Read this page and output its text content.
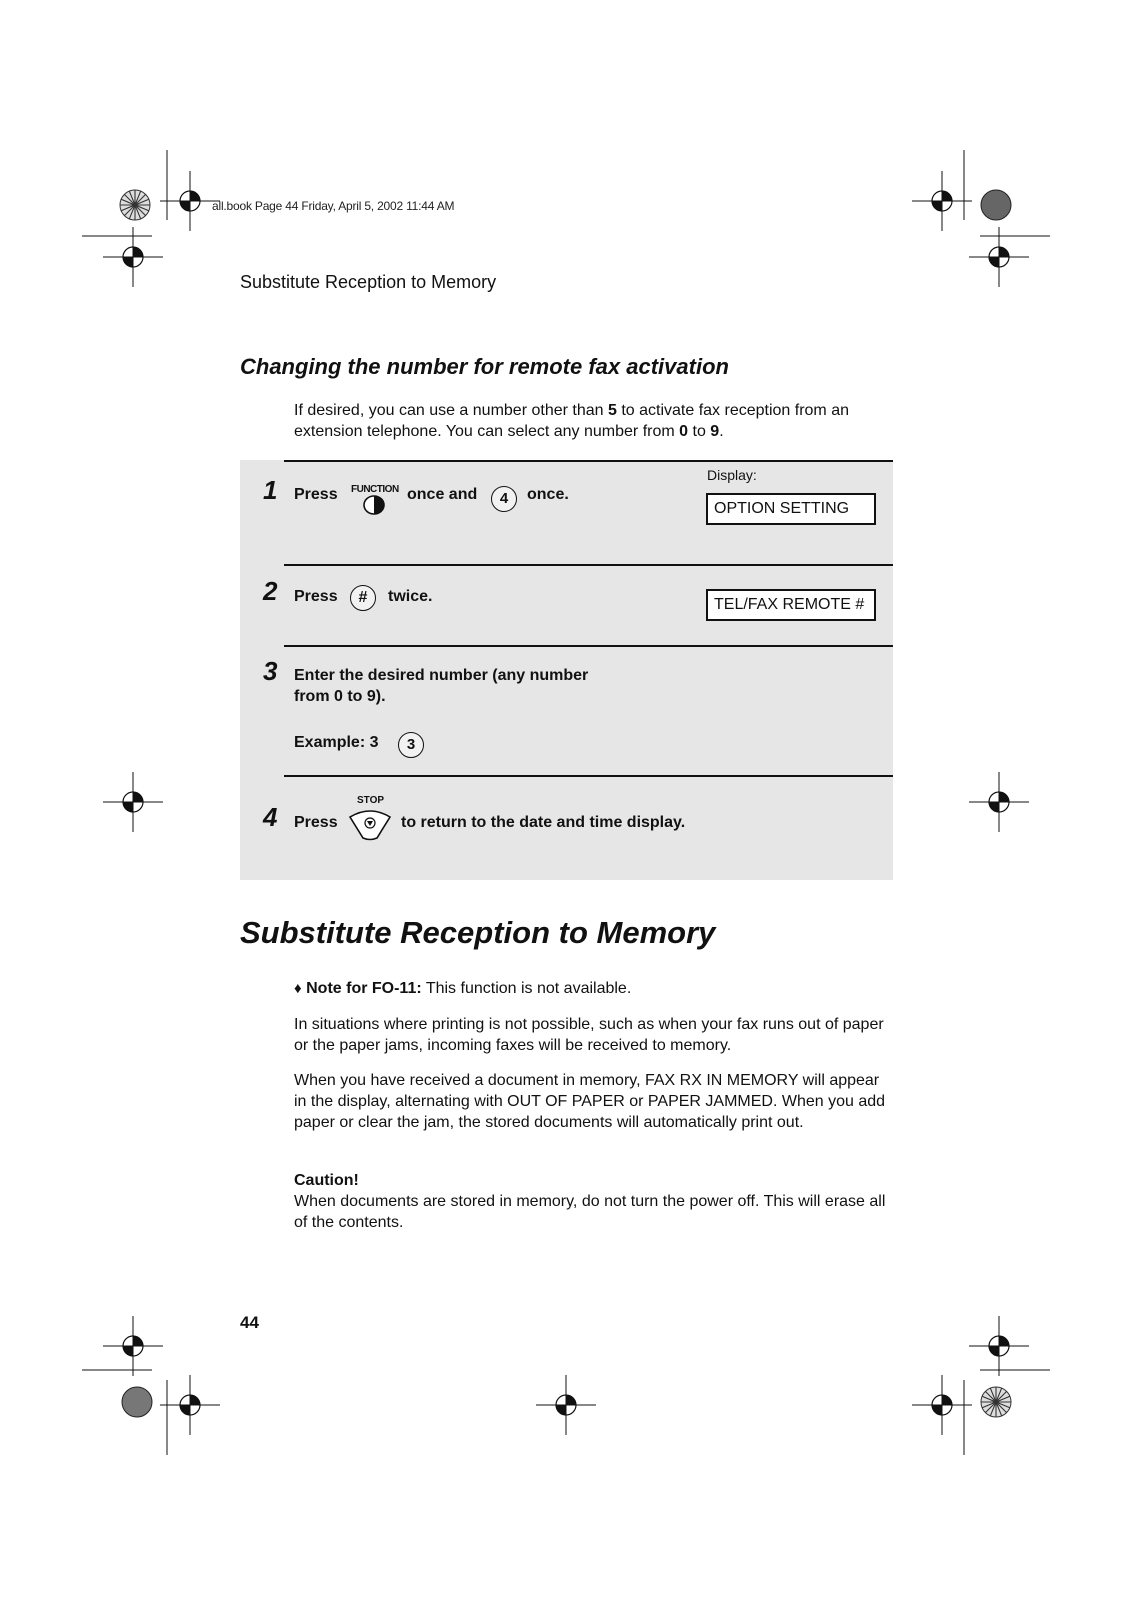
all.book Page 44 Friday, April 5, 2002 11:44 AM
Substitute Reception to Memory
Changing the number for remote fax activation
If desired, you can use a number other than 5 to activate fax reception from an extension telephone. You can select any number from 0 to 9.
Display:
1 Press FUNCTION once and	4	once.
OPTION SETTING
2 Press	#	twice.	TEL/FAX REMOTE #
3 Enter the desired number (any number
from 0 to 9).
Example: 3	3
4 Press
STOP
to return to the date and time display.
Substitute Reception to Memory
♦ Note for FO-11: This function is not available.
In situations where printing is not possible, such as when your fax runs out of paper or the paper jams, incoming faxes will be received to memory.
When you have received a document in memory, FAX RX IN MEMORY will appear in the display, alternating with OUT OF PAPER or PAPER JAMMED. When you add paper or clear the jam, the stored documents will automatically print out.
Caution!
When documents are stored in memory, do not turn the power off. This will erase all of the contents.
44
